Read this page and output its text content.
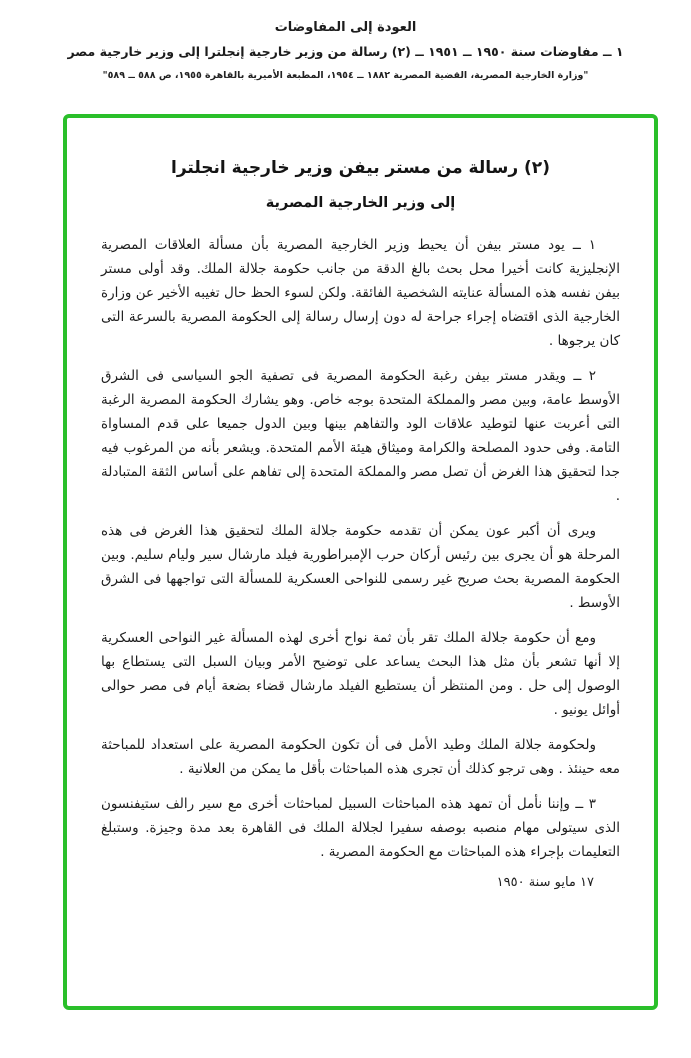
العودة إلى المفاوضات
١ ــ مفاوضات سنة ١٩٥٠ ــ ١٩٥١ ــ (٢) رسالة من وزير خارجية إنجلترا إلى وزير خارجية مصر
"وزارة الخارجية المصرية، القضية المصرية ١٨٨٢ ــ ١٩٥٤، المطبعة الأميرية بالقاهرة ١٩٥٥، ص ٥٨٨ ــ ٥٨٩"
(٢) رسالة من مستر بيفن وزير خارجية انجلترا
إلى وزير الخارجية المصرية

١ ــ يود مستر بيفن أن يحيط وزير الخارجية المصرية بأن مسألة العلاقات المصرية الإنجليزية كانت أخيرا محل بحث بالغ الدقة من جانب حكومة جلالة الملك. وقد أولى مستر بيفن نفسه هذه المسألة عنايته الشخصية الفائقة. ولكن لسوء الحظ حال تغيبه الأخير عن وزارة الخارجية الذى اقتضاه إجراء جراحة له دون إرسال رسالة إلى الحكومة المصرية بالسرعة التى كان يرجوها .

٢ ــ ويقدر مستر بيفن رغبة الحكومة المصرية فى تصفية الجو السياسى فى الشرق الأوسط عامة، وبين مصر والمملكة المتحدة بوجه خاص. وهو يشارك الحكومة المصرية الرغبة التى أعربت عنها لتوطيد علاقات الود والتفاهم بينها وبين الدول جميعا على قدم المساواة التامة. وفى حدود المصلحة والكرامة وميثاق هيئة الأمم المتحدة. ويشعر بأنه من المرغوب فيه جدا لتحقيق هذا الغرض أن تصل مصر والمملكة المتحدة إلى تفاهم على أساس الثقة المتبادلة .

ويرى أن أكبر عون يمكن أن تقدمه حكومة جلالة الملك لتحقيق هذا الغرض فى هذه المرحلة هو أن يجرى بين رئيس أركان حرب الإمبراطورية فيلد مارشال سير وليام سليم. وبين الحكومة المصرية بحث صريح غير رسمى للنواحى العسكرية للمسألة التى تواجهها فى الشرق الأوسط .

ومع أن حكومة جلالة الملك تقر بأن ثمة نواح أخرى لهذه المسألة غير النواحى العسكرية إلا أنها تشعر بأن مثل هذا البحث يساعد على توضيح الأمر وبيان السبل التى يستطاع بها الوصول إلى حل . ومن المنتظر أن يستطيع الفيلد مارشال قضاء بضعة أيام فى مصر حوالى أوائل يونيو .

ولحكومة جلالة الملك وطيد الأمل فى أن تكون الحكومة المصرية على استعداد للمباحثة معه حينئذ . وهى ترجو كذلك أن تجرى هذه المباحثات بأقل ما يمكن من العلانية .

٣ ــ وإننا نأمل أن تمهد هذه المباحثات السبيل لمباحثات أخرى مع سير رالف ستيفنسون الذى سيتولى مهام منصبه بوصفه سفيرا لجلالة الملك فى القاهرة بعد مدة وجيزة. وستبلغ التعليمات بإجراء هذه المباحثات مع الحكومة المصرية .

١٧ مايو سنة ١٩٥٠
